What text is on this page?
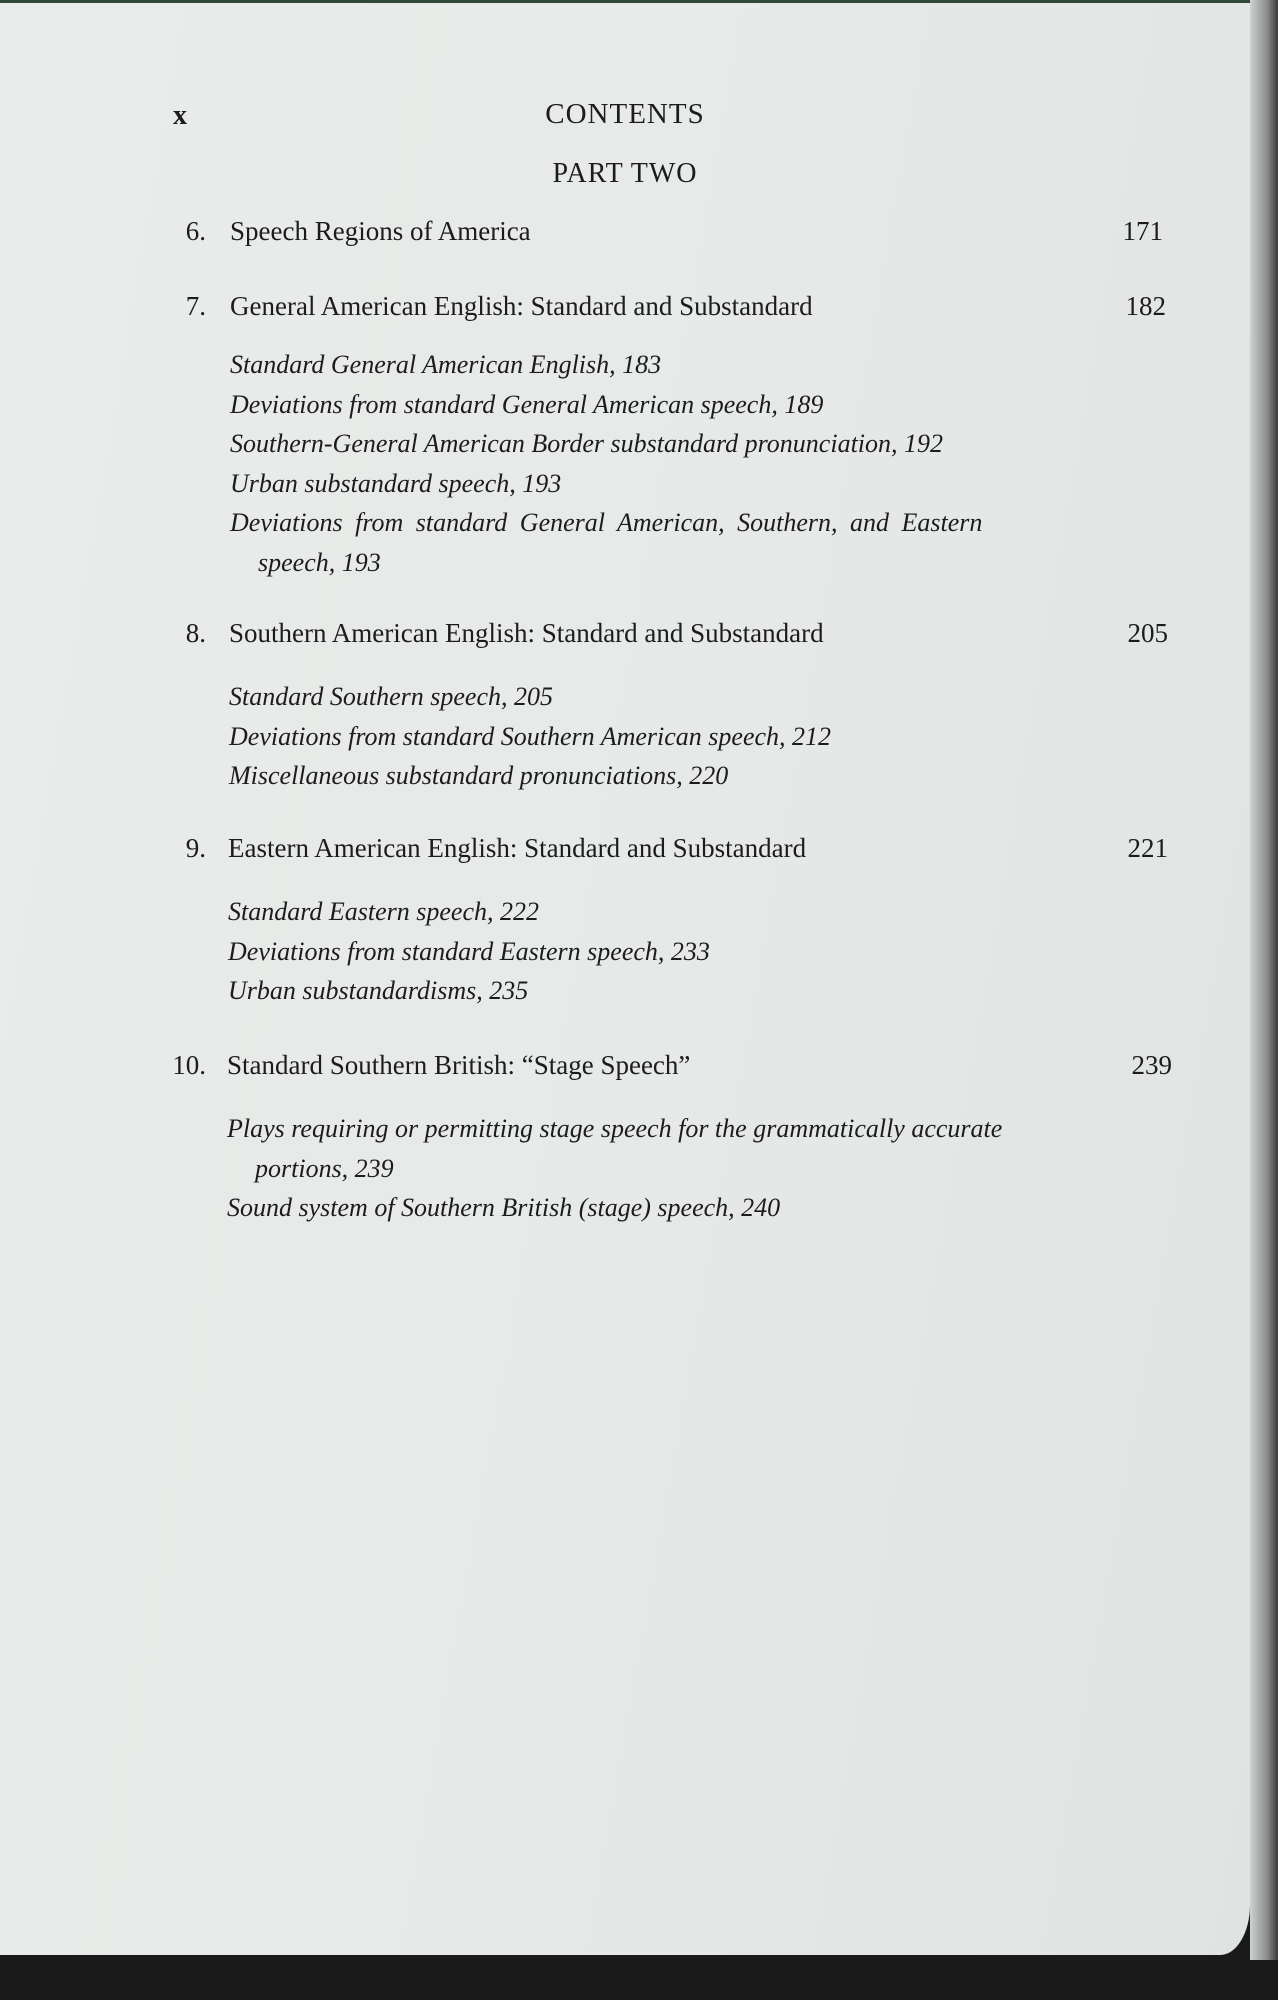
x	CONTENTS
PART TWO
6. Speech Regions of America	171
7. General American English: Standard and Substandard	182
Standard General American English, 183
Deviations from standard General American speech, 189
Southern-General American Border substandard pronunciation, 192
Urban substandard speech, 193
Deviations from standard General American, Southern, and Eastern
speech, 193
8. Southern American English: Standard and Substandard	205
Standard Southern speech, 205
Deviations from standard Southern American speech, 212
Miscellaneous substandard pronunciations, 220
9. Eastern American English: Standard and Substandard	221
Standard Eastern speech, 222
Deviations from standard Eastern speech, 233
Urban substandardisms, 235
10. Standard Southern British: “Stage Speech”	239
Plays requiring or permitting stage speech for the grammatically accurate
portions, 239
Sound system of Southern British (stage) speech, 240
